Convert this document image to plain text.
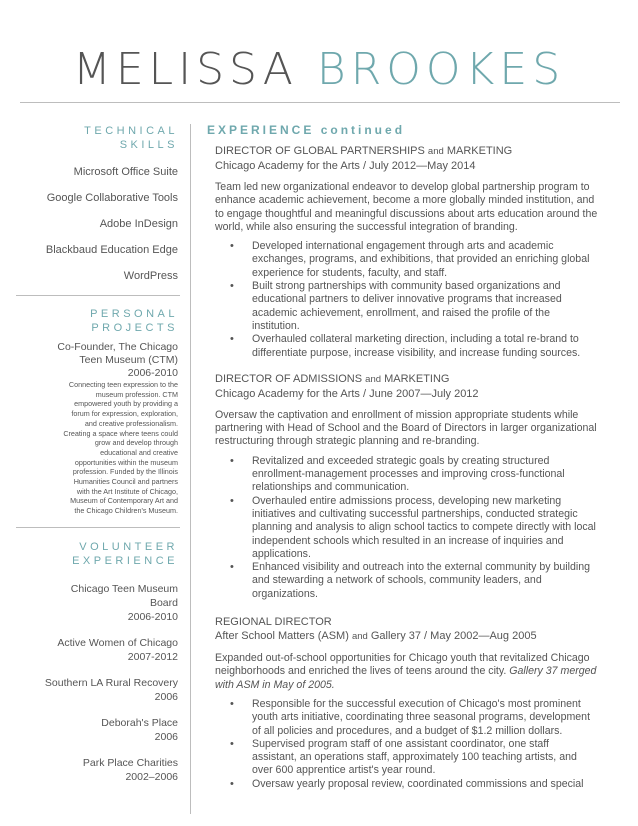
MELISSA BROOKES
TECHNICAL SKILLS
Microsoft Office Suite
Google Collaborative Tools
Adobe InDesign
Blackbaud Education Edge
WordPress
PERSONAL
PROJECTS
Co-Founder, The Chicago
Teen Museum (CTM)
2006-2010
Connecting teen expression to the
museum profession. CTM
empowered youth by providing a
forum for expression, exploration,
and creative professionalism.
Creating a space where teens could
grow and develop through
educational and creative
opportunities within the museum
profession. Funded by the Illinois
Humanities Council and partners
with the Art Institute of Chicago,
Museum of Contemporary Art and
the Chicago Children's Museum.
VOLUNTEER
EXPERIENCE
Chicago Teen Museum
Board
2006-2010
Active Women of Chicago
2007-2012
Southern LA Rural Recovery
2006
Deborah's Place
2006
Park Place Charities
2002–2006
EXPERIENCE continued
DIRECTOR OF GLOBAL PARTNERSHIPS and MARKETING
Chicago Academy for the Arts / July 2012—May 2014
Team led new organizational endeavor to develop global partnership program to
enhance academic achievement, become a more globally minded institution, and
to engage thoughtful and meaningful discussions about arts education around the
world, while also ensuring the successful integration of branding.
• Developed international engagement through arts and academic
exchanges, programs, and exhibitions, that provided an enriching global
experience for students, faculty, and staff.
• Built strong partnerships with community based organizations and
educational partners to deliver innovative programs that increased
academic achievement, enrollment, and raised the profile of the
institution.
• Overhauled collateral marketing direction, including a total re-brand to
differentiate purpose, increase visibility, and increase funding sources.
DIRECTOR OF ADMISSIONS and MARKETING
Chicago Academy for the Arts / June 2007—July 2012
Oversaw the captivation and enrollment of mission appropriate students while
partnering with Head of School and the Board of Directors in larger organizational
restructuring through strategic planning and re-branding.
• Revitalized and exceeded strategic goals by creating structured
enrollment-management processes and improving cross-functional
relationships and communication.
• Overhauled entire admissions process, developing new marketing
initiatives and cultivating successful partnerships, conducted strategic
planning and analysis to align school tactics to compete directly with local
independent schools which resulted in an increase of inquiries and
applications.
• Enhanced visibility and outreach into the external community by building
and stewarding a network of schools, community leaders, and
organizations.
REGIONAL DIRECTOR
After School Matters (ASM) and Gallery 37 / May 2002—Aug 2005
Expanded out-of-school opportunities for Chicago youth that revitalized Chicago
neighborhoods and enriched the lives of teens around the city. Gallery 37 merged
with ASM in May of 2005.
• Responsible for the successful execution of Chicago's most prominent
youth arts initiative, coordinating three seasonal programs, development
of all policies and procedures, and a budget of $1.2 million dollars.
• Supervised program staff of one assistant coordinator, one staff
assistant, an operations staff, approximately 100 teaching artists, and
over 600 apprentice artist's year round.
• Oversaw yearly proposal review, coordinated commissions and special
